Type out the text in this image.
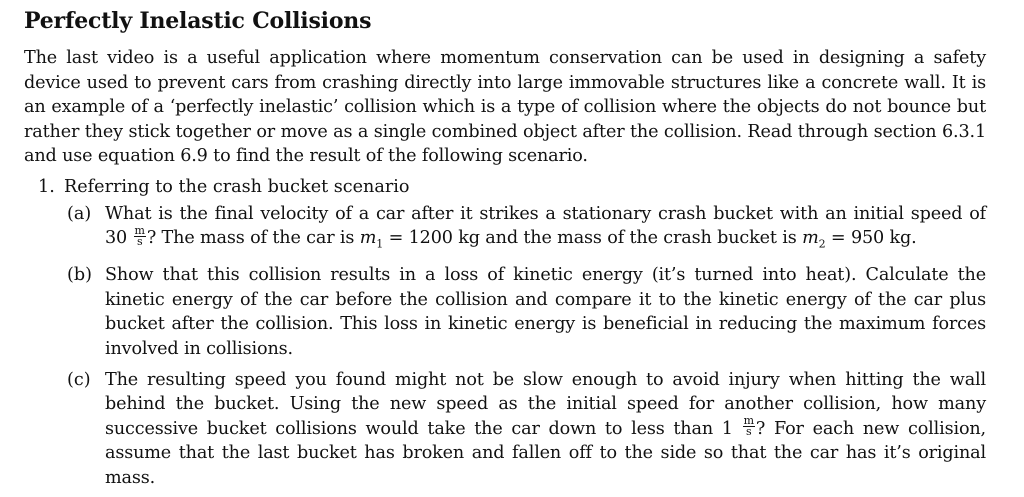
Perfectly Inelastic Collisions

The last video is a useful application where momentum conservation can be used in designing a safety device used to prevent cars from crashing directly into large immovable structures like a concrete wall. It is an example of a ‘perfectly inelastic’ collision which is a type of collision where the objects do not bounce but rather they stick together or move as a single combined object after the collision. Read through section 6.3.1 and use equation 6.9 to find the result of the following scenario.

1. Referring to the crash bucket scenario
(a) What is the final velocity of a car after it strikes a stationary crash bucket with an initial speed of $30 \frac{m}{s}$ ? The mass of the car is $m_1 = 1200$ kg and the mass of the crash bucket is $m_2 = 950$ kg.
(b) Show that this collision results in a loss of kinetic energy (it’s turned into heat). Calculate the kinetic energy of the car before the collision and compare it to the kinetic energy of the car plus bucket after the collision. This loss in kinetic energy is beneficial in reducing the maximum forces involved in collisions.
(c) The resulting speed you found might not be slow enough to avoid injury when hitting the wall behind the bucket. Using the new speed as the initial speed for another collision, how many successive bucket collisions would take the car down to less than $1 \frac{m}{s}$ ? For each new collision, assume that the last bucket has broken and fallen off to the side so that the car has it’s original mass.
